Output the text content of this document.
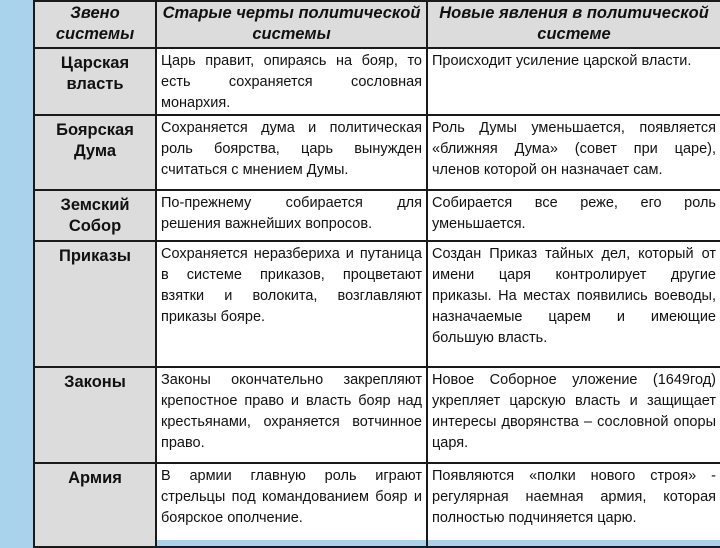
Звено системы	Старые черты политической системы	Новые явления в политической системе
Царская власть	Царь правит, опираясь на бояр, то есть сохраняется сословная монархия.	Происходит усиление царской власти.
Боярская Дума	Сохраняется дума и политическая роль боярства, царь вынужден считаться с мнением Думы.	Роль Думы уменьшается, появляется «ближняя Дума» (совет при царе), членов которой он назначает сам.
Земский Собор	По-прежнему собирается для решения важнейших вопросов.	Собирается все реже, его роль уменьшается.
Приказы	Сохраняется неразбериха и путаница в системе приказов, процветают взятки и волокита, возглавляют приказы бояре.	Создан Приказ тайных дел, который от имени царя контролирует другие приказы. На местах появились воеводы, назначаемые царем и имеющие большую власть.
Законы	Законы окончательно закрепляют крепостное право и власть бояр над крестьянами, охраняется вотчинное право.	Новое Соборное уложение (1649год) укрепляет царскую власть и защищает интересы дворянства – сословной опоры царя.
Армия	В армии главную роль играют стрельцы под командованием бояр и боярское ополчение.	Появляются «полки нового строя» - регулярная наемная армия, которая полностью подчиняется царю.
